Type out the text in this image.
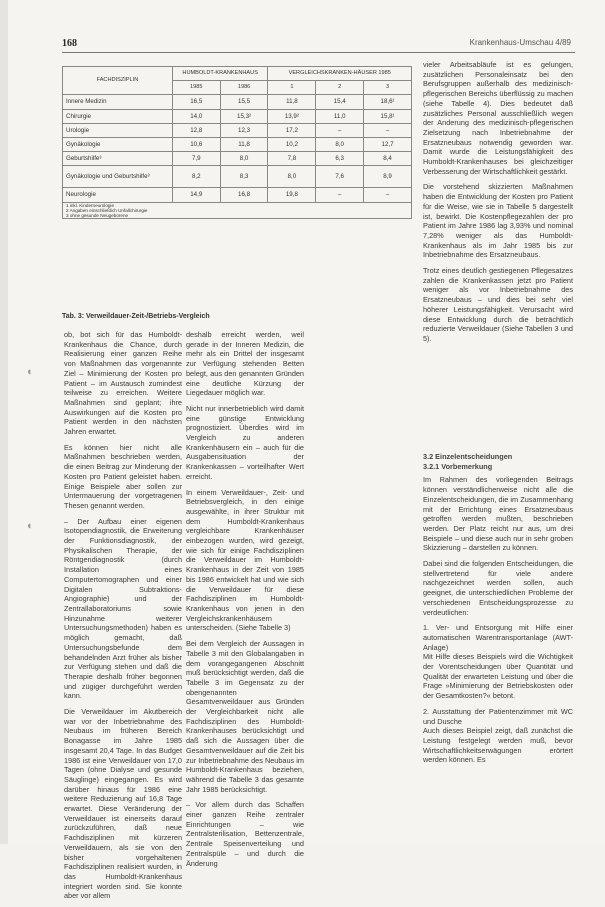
168	Krankenhaus-Umschau 4/89
FACHDISZIPLIN	HUMBOLDT-KRANKENHAUS		VERGLEICHSKRANKEN-HÄUSER 1985		
	1985	1986	1	2	3
Innere Medizin	16,5	15,5	11,8	15,4	18,6¹
Chirurgie	14,0	15,3²	13,9²	11,0	15,8¹
Urologie	12,8	12,3	17,2	–	–
Gynäkologie	10,6	11,8	10,2	8,0	12,7
Geburtshilfe³	7,9	8,0	7,8	6,3	8,4
Gynäkologie und Geburtshilfe³	8,2	8,3	8,0	7,6	8,9
Neurologie	14,9	16,8	19,8	–	–

1 inkl. Kinderneurologie
2 Angaben einschließlich Unfallchirurgie
3 ohne gesunde Neugeborene					
Tab. 3: Verweildauer-Zeit-/Betriebs-Vergleich
◐
◐

ob, bot sich für das Humboldt-Krankenhaus die Chance, durch Realisierung einer ganzen Reihe von Maßnahmen das vorgenannte Ziel – Minimierung der Kosten pro Patient – im Austausch zumindest teilweise zu erreichen. Weitere Maßnahmen sind geplant; ihre Auswirkungen auf die Kosten pro Patient werden in den nächsten Jahren erwartet.

Es können hier nicht alle Maßnahmen beschrieben werden, die einen Beitrag zur Minderung der Kosten pro Patient geleistet haben. Einige Beispiele aber sollen zur Untermauerung der vorgetragenen Thesen genannt werden.

– Der Aufbau einer eigenen Isotopendiagnostik, die Erweiterung der Funktionsdiagnostik, der Physikalischen Therapie, der Röntgendiagnostik (durch Installation eines Computertomographen und einer Digitalen Subtraktions-Angiographie) und der Zentrallaboratoriums sowie Hinzunahme weiterer Untersuchungsmethoden) haben es möglich gemacht, daß Untersuchungsbefunde dem behandelnden Arzt früher als bisher zur Verfügung stehen und daß die Therapie deshalb früher begonnen und zügiger durchgeführt werden kann.

Die Verweildauer im Akutbereich war vor der Inbetriebnahme des Neubaus im früheren Bereich Bonagasse im Jahre 1985 insgesamt 20,4 Tage. In das Budget 1986 ist eine Verweildauer von 17,0 Tagen (ohne Dialyse und gesunde Säuglinge) eingegangen. Es wird darüber hinaus für 1986 eine weitere Reduzierung auf 16,8 Tage erwartet. Diese Veränderung der Verweildauer ist einerseits darauf zurückzuführen, daß neue Fachdisziplinen mit kürzeren Verweildauern, als sie von den bisher vorgehaltenen Fachdisziplinen realisiert wurden, in das Humboldt-Krankenhaus integriert worden sind. Sie konnte aber vor allem

deshalb erreicht werden, weil gerade in der Inneren Medizin, die mehr als ein Drittel der insgesamt zur Verfügung stehenden Betten belegt, aus den genannten Gründen eine deutliche Kürzung der Liegedauer möglich war.

Nicht nur innerbetrieblich wird damit eine günstige Entwicklung prognostiziert. Überdies wird im Vergleich zu anderen Krankenhäusern ein – auch für die Ausgabensituation der Krankenkassen – vorteilhafter Wert erreicht.

In einem Verweildauer-, Zeit- und Betriebsvergleich, in den einige ausgewählte, in ihrer Struktur mit dem Humboldt-Krankenhaus vergleichbare Krankenhäuser einbezogen wurden, wird gezeigt, wie sich für einige Fachdisziplinen die Verweildauer im Humboldt-Krankenhaus in der Zeit von 1985 bis 1986 entwickelt hat und wie sich die Verweildauer für diese Fachdisziplinen im Humboldt-Krankenhaus von jenen in den Vergleichskrankenhäusern unterscheiden. (Siehe Tabelle 3)

Bei dem Vergleich der Aussagen in Tabelle 3 mit den Globalangaben in dem vorangegangenen Abschnitt muß berücksichtigt werden, daß die Tabelle 3 im Gegensatz zu der obengenannten Gesamtverweildauer aus Gründen der Vergleichbarkeit nicht alle Fachdisziplinen des Humboldt-Krankenhauses berücksichtigt und daß sich die Aussagen über die Gesamtverweildauer auf die Zeit bis zur Inbetriebnahme des Neubaus im Humboldt-Krankenhaus beziehen, während die Tabelle 3 das gesamte Jahr 1985 berücksichtigt.

– Vor allem durch das Schaffen einer ganzen Reihe zentraler Einrichtungen – wie Zentralsterilisation, Bettenzentrale, Zentrale Speisenverteilung und Zentralspüle – und durch die Änderung

vieler Arbeitsabläufe ist es gelungen, zusätzlichen Personaleinsatz bei den Berufsgruppen außerhalb des medizinisch-pflegerischen Bereichs überflüssig zu machen (siehe Tabelle 4). Dies bedeutet daß zusätzliches Personal ausschließlich wegen der Anderung des medizinisch-pflegerischen Zielsetzung nach Inbetriebnahme der Ersatzneubaus notwendig geworden war. Damit wurde die Leistungsfähigkeit des Humboldt-Krankenhauses bei gleichzeitiger Verbesserung der Wirtschaftlichkeit gestärkt.

Die vorstehend skizzierten Maßnahmen haben die Entwicklung der Kosten pro Patient für die Weise, wie sie in Tabelle 5 dargestellt ist, bewirkt. Die Kostenpflegezahlen der pro Patient im Jahre 1986 lag 3,93% und nominal 7,28% weniger als das Humboldt-Krankenhaus als im Jahr 1985 bis zur Inbetriebnahme des Ersatzneubaus.

Trotz eines deutlich gestiegenen Pflegesatzes zahlen die Krankenkassen jetzt pro Patient weniger als vor Inbetriebnahme des Ersatzneubaus – und dies bei sehr viel höherer Leistungsfähigkeit. Verursacht wird diese Entwicklung durch die beträchtlich reduzierte Verweildauer (Siehe Tabellen 3 und 5).

3.2 Einzelentscheidungen

3.2.1 Vorbemerkung

Im Rahmen des vorliegenden Beitrags können verständlicherweise nicht alle die Einzelentscheidungen, die im Zusammenhang mit der Errichtung eines Ersatzneubaus getroffen werden mußten, beschrieben werden. Der Platz reicht nur aus, um drei Beispiele – und diese auch nur in sehr groben Skizzierung – darstellen zu können.

Dabei sind die folgenden Entscheidungen, die stellvertretend für viele andere nachgezeichnet werden sollen, auch geeignet, die unterschiedlichen Probleme der verschiedenen Entscheidungsprozesse zu verdeutlichen:

1. Ver- und Entsorgung mit Hilfe einer automatischen Warentransportanlage (AWT-Anlage)
Mit Hilfe dieses Beispiels wird die Wichtigkeit der Vorentscheidungen über Quantität und Qualität der erwarteten Leistung und über die Frage »Minimierung der Betriebskosten oder der Gesamtkosten?« betont.

2. Ausstattung der Patientenzimmer mit WC und Dusche
Auch dieses Beispiel zeigt, daß zunächst die Leistung festgelegt werden muß, bevor Wirtschaftlichkeitserwägungen erörtert werden können. Es
